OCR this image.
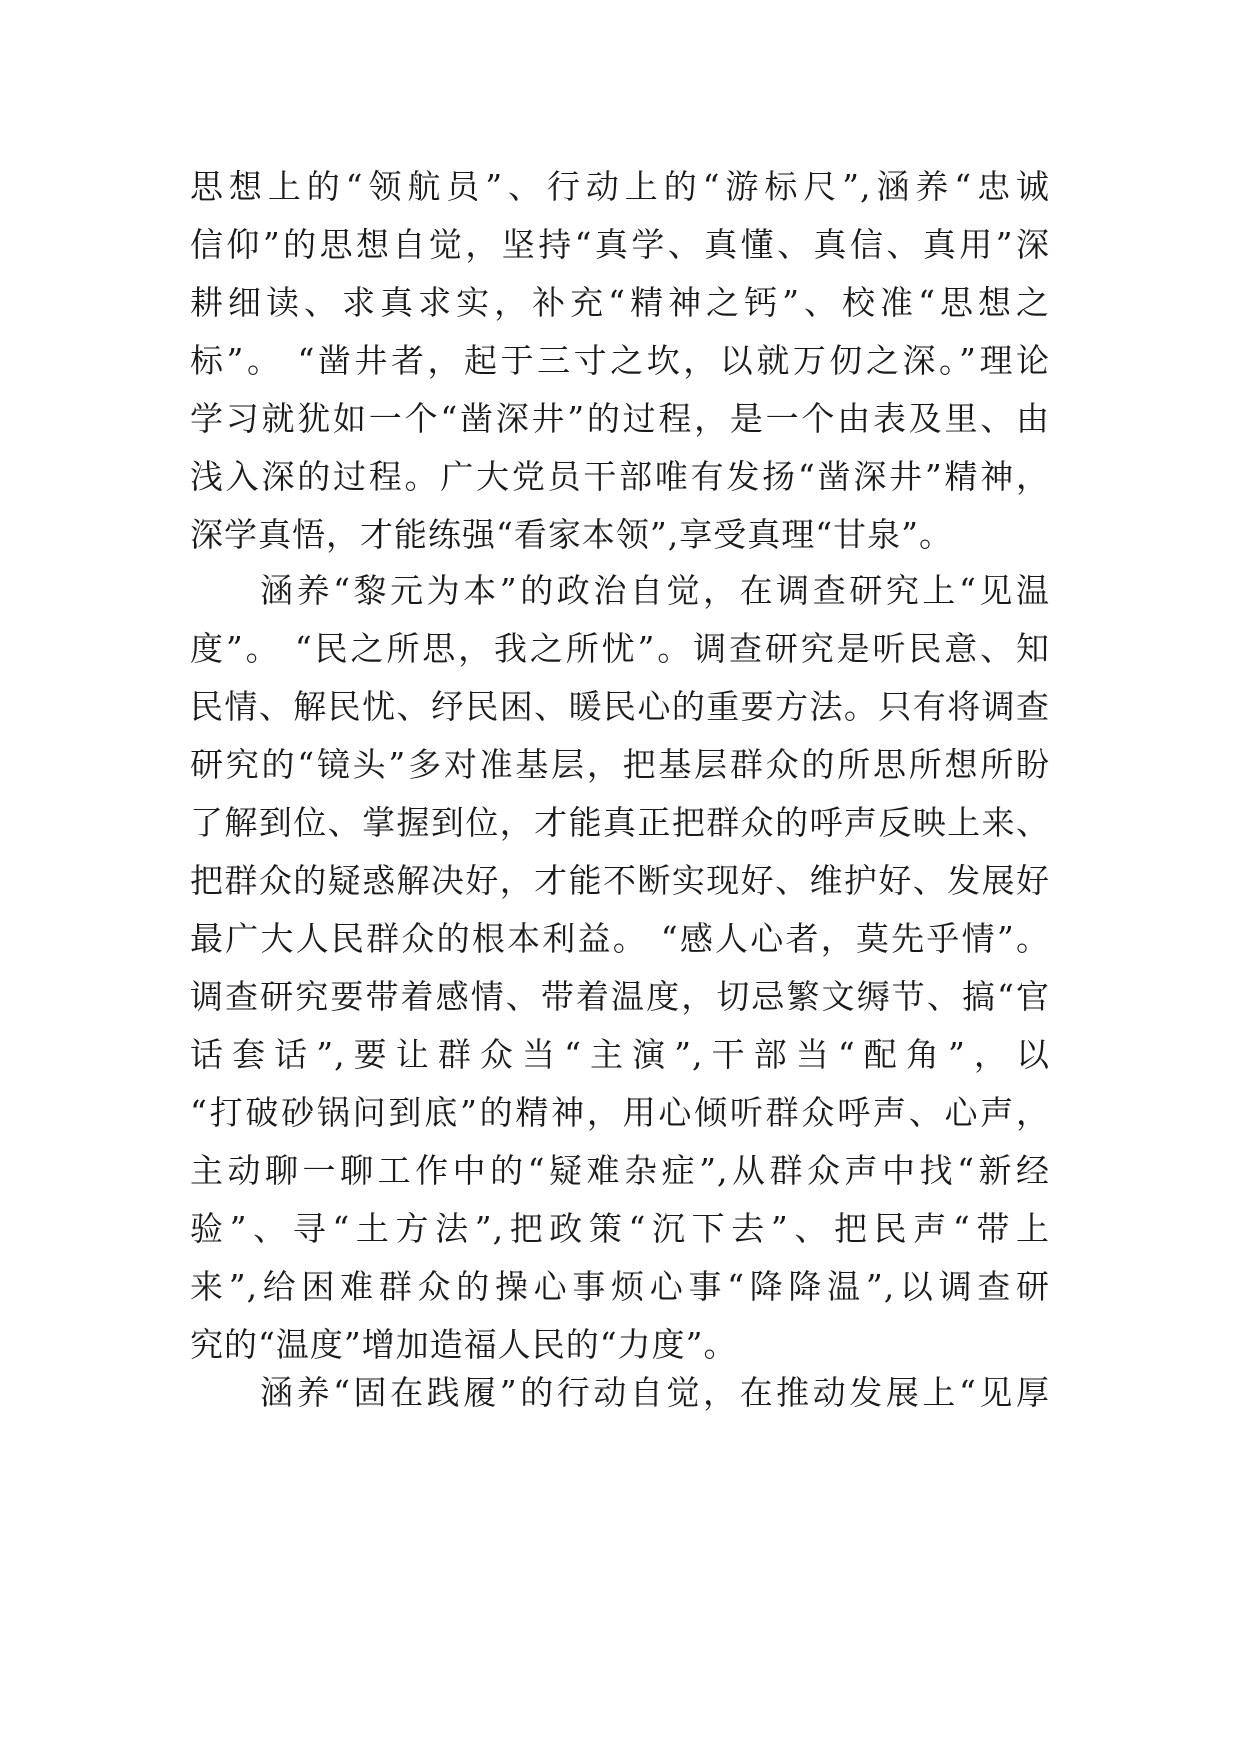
思想上的“领航员”、行动上的“游标尺”,涵养“忠诚
信仰”的思想自觉，坚持“真学、真懂、真信、真用”深
耕细读、求真求实，补充“精神之钙”、校准“思想之
标”。 “凿井者，起于三寸之坎，以就万仞之深。”理论
学习就犹如一个“凿深井”的过程，是一个由表及里、由
浅入深的过程。广大党员干部唯有发扬“凿深井”精神，
深学真悟，才能练强“看家本领”,享受真理“甘泉”。
涵养“黎元为本”的政治自觉，在调查研究上“见温
度”。 “民之所思，我之所忧”。调查研究是听民意、知
民情、解民忧、纾民困、暖民心的重要方法。只有将调查
研究的“镜头”多对准基层，把基层群众的所思所想所盼
了解到位、掌握到位，才能真正把群众的呼声反映上来、
把群众的疑惑解决好，才能不断实现好、维护好、发展好
最广大人民群众的根本利益。 “感人心者，莫先乎情”。
调查研究要带着感情、带着温度，切忌繁文缛节、搞“官
话套话”,要让群众当“主演”,干部当“配角”，以
“打破砂锅问到底”的精神，用心倾听群众呼声、心声，
主动聊一聊工作中的“疑难杂症”,从群众声中找“新经
验”、寻“土方法”,把政策“沉下去”、把民声“带上
来”,给困难群众的操心事烦心事“降降温”,以调查研
究的“温度”增加造福人民的“力度”。
涵养“固在践履”的行动自觉，在推动发展上“见厚
